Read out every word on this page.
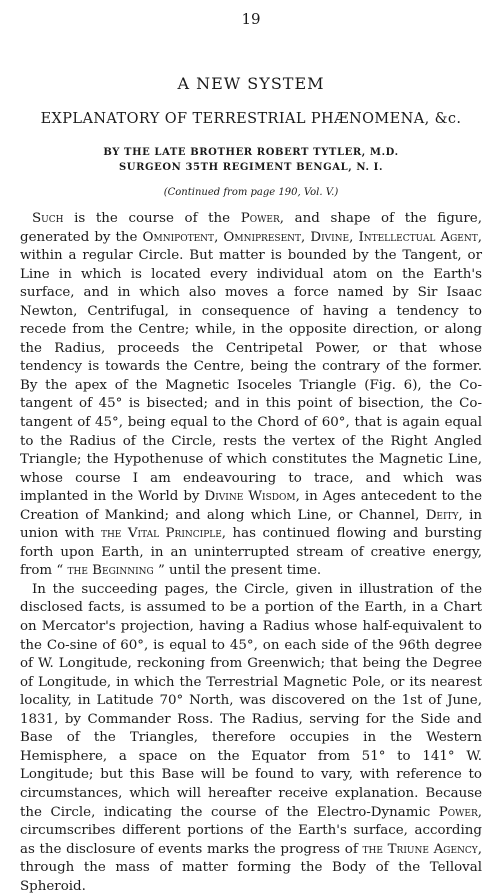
19
A NEW SYSTEM
EXPLANATORY OF TERRESTRIAL PHÆNOMENA, &c.
BY THE LATE BROTHER ROBERT TYTLER, M.D.
SURGEON 35TH REGIMENT BENGAL, N. I.
(Continued from page 190, Vol. V.)

Such is the course of the Power, and shape of the figure, generated by the Omnipotent, Omnipresent, Divine, Intellectual Agent, within a regular Circle. But matter is bounded by the Tangent, or Line in which is located every individual atom on the Earth's surface, and in which also moves a force named by Sir Isaac Newton, Centrifugal, in consequence of having a tendency to recede from the Centre; while, in the opposite direction, or along the Radius, proceeds the Centripetal Power, or that whose tendency is towards the Centre, being the contrary of the former. By the apex of the Magnetic Isoceles Triangle (Fig. 6), the Co-tangent of 45° is bisected; and in this point of bisection, the Co-tangent of 45°, being equal to the Chord of 60°, that is again equal to the Radius of the Circle, rests the vertex of the Right Angled Triangle; the Hypothenuse of which constitutes the Magnetic Line, whose course I am endeavouring to trace, and which was implanted in the World by Divine Wisdom, in Ages antecedent to the Creation of Mankind; and along which Line, or Channel, Deity, in union with the Vital Principle, has continued flowing and bursting forth upon Earth, in an uninterrupted stream of creative energy, from “ the Beginning ” until the present time.

In the succeeding pages, the Circle, given in illustration of the disclosed facts, is assumed to be a portion of the Earth, in a Chart on Mercator's projection, having a Radius whose half-equivalent to the Co-sine of 60°, is equal to 45°, on each side of the 96th degree of W. Longitude, reckoning from Greenwich; that being the Degree of Longitude, in which the Terrestrial Magnetic Pole, or its nearest locality, in Latitude 70° North, was discovered on the 1st of June, 1831, by Commander Ross. The Radius, serving for the Side and Base of the Triangles, therefore occupies in the Western Hemisphere, a space on the Equator from 51° to 141° W. Longitude; but this Base will be found to vary, with reference to circumstances, which will hereafter receive explanation. Because the Circle, indicating the course of the Electro-Dynamic Power, circumscribes different portions of the Earth's surface, according as the disclosure of events marks the progress of the Triune Agency, through the mass of matter forming the Body of the Telloval Spheroid.
